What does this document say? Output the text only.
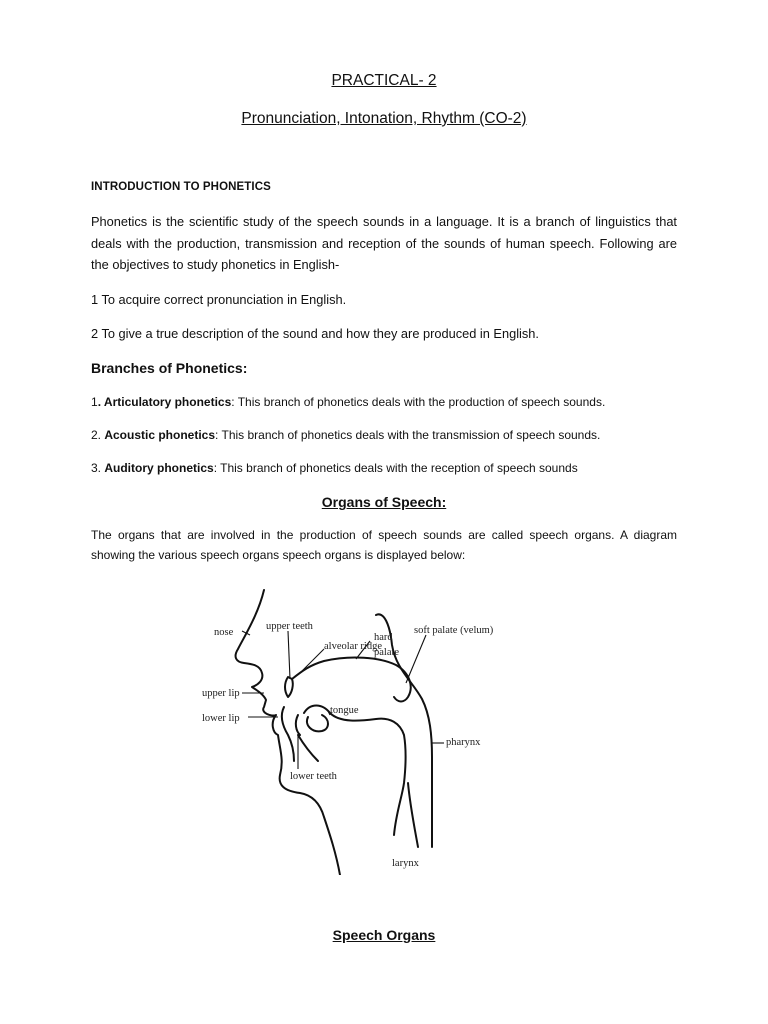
PRACTICAL- 2
Pronunciation, Intonation, Rhythm (CO-2)
INTRODUCTION TO PHONETICS
Phonetics is the scientific study of the speech sounds in a language. It is a branch of linguistics that deals with the production, transmission and reception of the sounds of human speech. Following are the objectives to study phonetics in English-
1 To acquire correct pronunciation in English.
2 To give a true description of the sound and how they are produced in English.
Branches of Phonetics:
1. Articulatory phonetics: This branch of phonetics deals with the production of speech sounds.
2. Acoustic phonetics: This branch of phonetics deals with the transmission of speech sounds.
3. Auditory phonetics: This branch of phonetics deals with the reception of speech sounds
Organs of Speech:
The organs that are involved in the production of speech sounds are called speech organs. A diagram showing the various speech organs speech organs is displayed below:
nose
upper teeth
alveolar ridge
hard
palate
soft palate (velum)
upper lip
lower lip
tongue
pharynx
lower teeth
larynx
Speech Organs
